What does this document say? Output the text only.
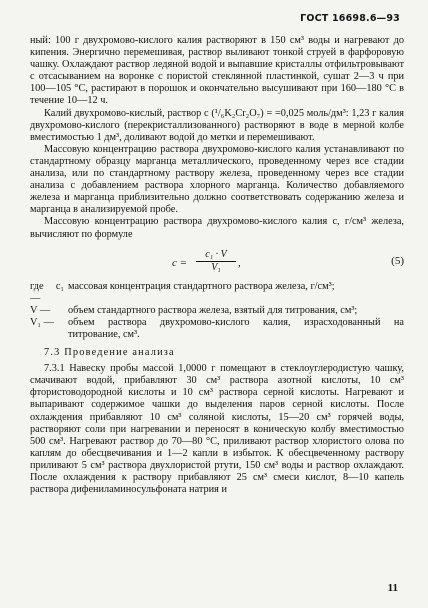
ГОСТ 16698.6—93

ный: 100 г двухромово-кислого калия растворяют в 150 см³ воды и нагревают до кипения. Энергично перемешивая, раствор выливают тонкой струей в фарфоровую чашку. Охлаждают раствор ледяной водой и выпавшие кристаллы отфильтровывают с отсасыванием на воронке с пористой стеклянной пластинкой, сушат 2—3 ч при 100—105 °С, растирают в порошок и окончательно высушивают при 160—180 °С в течение 10—12 ч.

Калий двухромово-кислый, раствор с (¹/₆K₂Cr₂O₇) = =0,025 моль/дм³: 1,23 г калия двухромово-кислого (перекристаллизованного) растворяют в воде в мерной колбе вместимостью 1 дм³, доливают водой до метки и перемешивают.

Массовую концентрацию раствора двухромово-кислого калия устанавливают по стандартному образцу марганца металлического, проведенному через все стадии анализа, или по стандартному раствору железа, проведенному через все стадии анализа с добавлением раствора хлорного марганца. Количество добавляемого железа и марганца приблизительно должно соответствовать содержанию железа и марганца в анализируемой пробе.

Массовую концентрацию раствора двухромово-кислого калия с, г/см³ железа, вычисляют по формуле

$c = \frac{\text{c₁ · V}}{\text{V₁}}$ ,	(5)
где c₁ —
массовая концентрация стандартного раствора железа, г/см³;
V —	объем стандартного раствора железа, взятый для титрования, см³;
V₁ —	объем раствора двухромово-кислого калия, израсходованный на титрование, см³.
7.3 Проведение анализа

7.3.1 Навеску пробы массой 1,0000 г помещают в стеклоуглеродистую чашку, смачивают водой, прибавляют 30 см³ раствора азотной кислоты, 10 см³ фтористоводородной кислоты и 10 см³ раствора серной кислоты. Нагревают и выпаривают содержимое чашки до выделения паров серной кислоты. После охлаждения прибавляют 10 см³ соляной кислоты, 15—20 см³ горячей воды, растворяют соли при нагревании и переносят в коническую колбу вместимостью 500 см³. Нагревают раствор до 70—80 °С, приливают раствор хлористого олова по каплям до обесцвечивания и 1—2 капли в избыток. К обесцвеченному раствору приливают 5 см³ раствора двухлористой ртути, 150 см³ воды и раствор охлаждают. После охлаждения к раствору прибавляют 25 см³ смеси кислот, 8—10 капель раствора дифениламиносульфоната натрия и

11
